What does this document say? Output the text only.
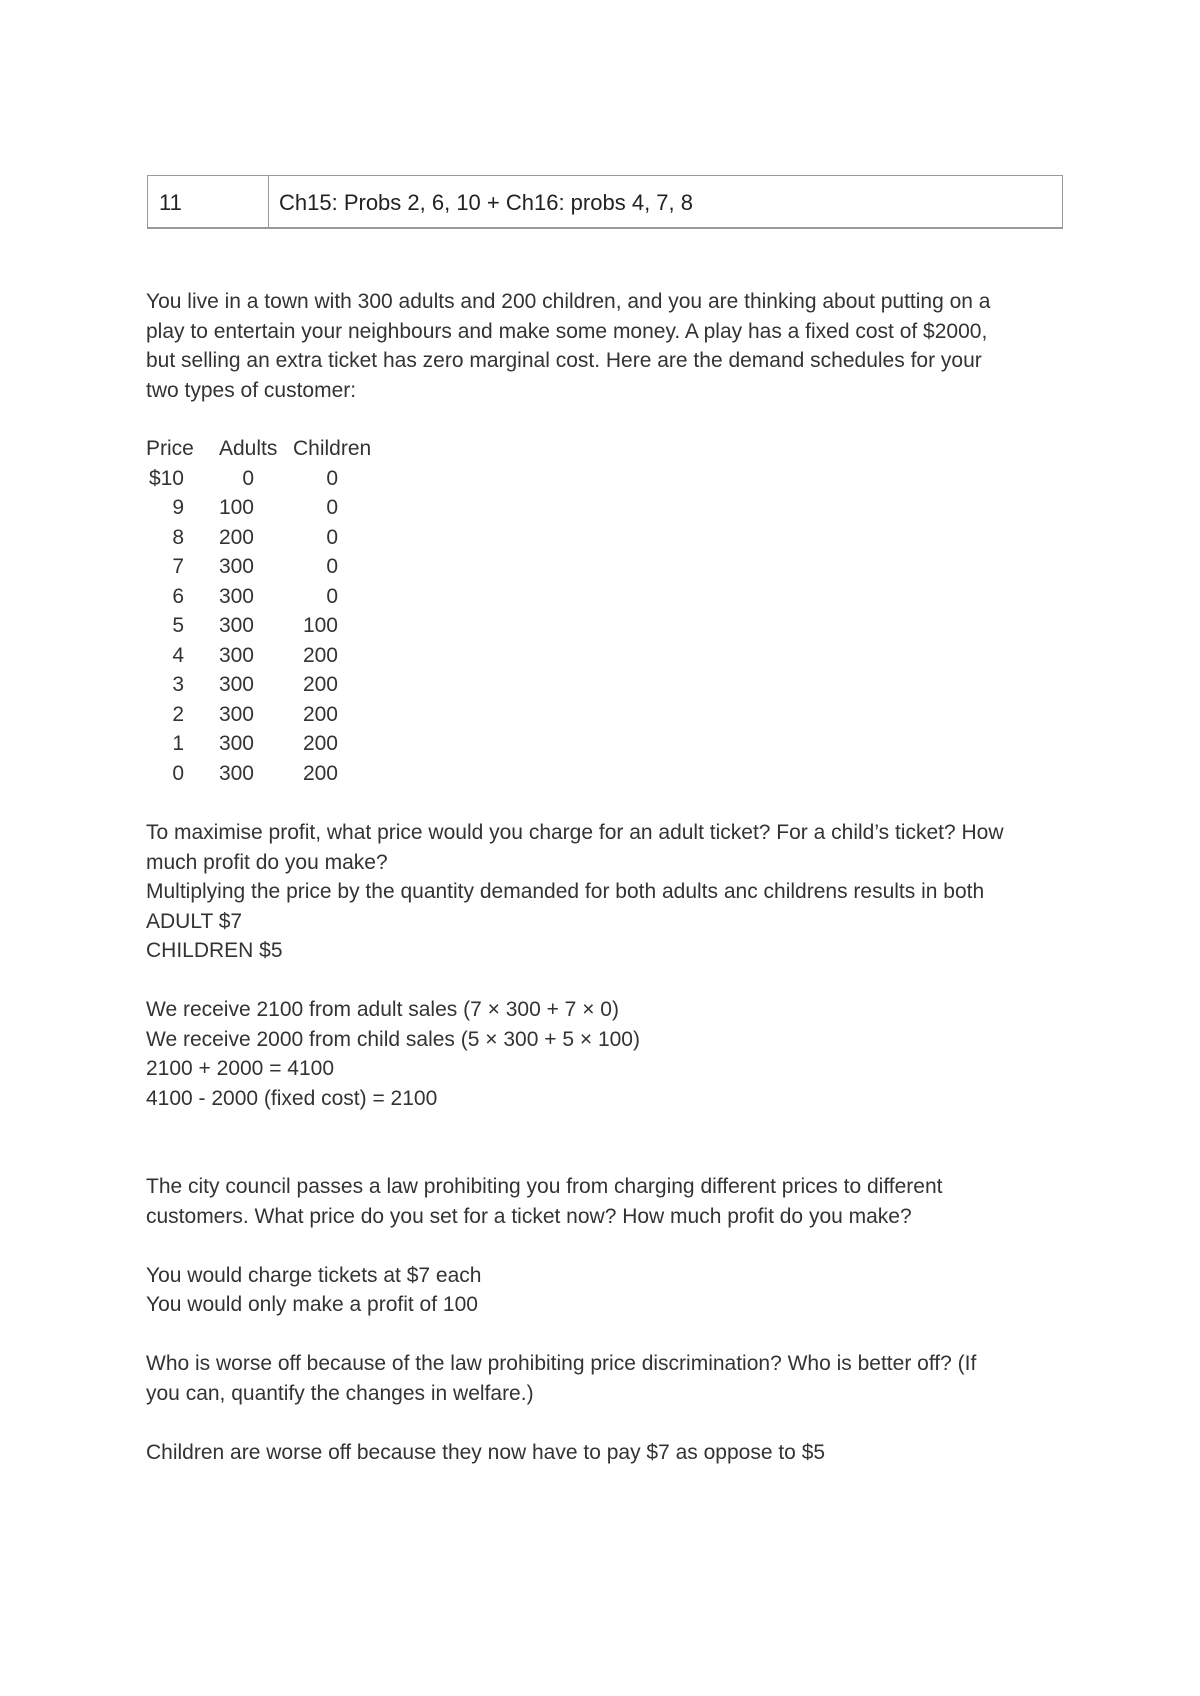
11	Ch15: Probs 2, 6, 10 + Ch16: probs 4, 7, 8

You live in a town with 300 adults and 200 children, and you are thinking about putting on a

play to entertain your neighbours and make some money. A play has a fixed cost of $2000,

but selling an extra ticket has zero marginal cost. Here are the demand schedules for your

two types of customer:

Price	Adults Children
$10	0	0
9	100	0
8	200	0
7	300	0
6	300	0
5	300	100
4	300	200
3	300	200
2	300	200
1	300	200
0	300	200

To maximise profit, what price would you charge for an adult ticket? For a child’s ticket? How

much profit do you make?

Multiplying the price by the quantity demanded for both adults anc childrens results in both

ADULT $7

CHILDREN $5

We receive 2100 from adult sales (7 × 300 + 7 × 0)

We receive 2000 from child sales (5 × 300 + 5 × 100)

2100 + 2000 = 4100

4100 - 2000 (fixed cost) = 2100

The city council passes a law prohibiting you from charging different prices to different

customers. What price do you set for a ticket now? How much profit do you make?

You would charge tickets at $7 each

You would only make a profit of 100

Who is worse off because of the law prohibiting price discrimination? Who is better off? (If

you can, quantify the changes in welfare.)

Children are worse off because they now have to pay $7 as oppose to $5
